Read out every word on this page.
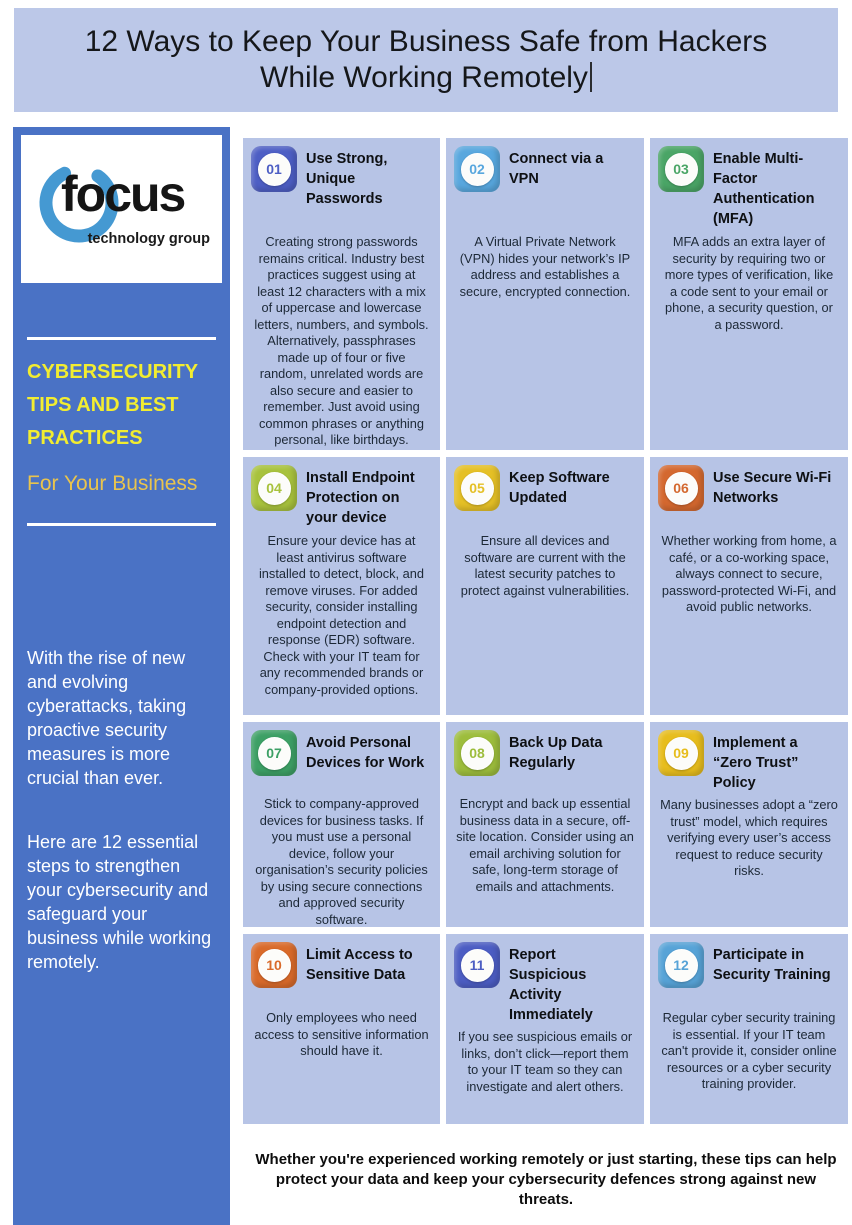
12 Ways to Keep Your Business Safe from Hackers While Working Remotely
focus
technology group
CYBERSECURITY TIPS AND BEST PRACTICES
For Your Business
With the rise of new and evolving cyberattacks, taking proactive security measures is more crucial than ever.
Here are 12 essential steps to strengthen your cybersecurity and safeguard your business while working remotely.
01
Use Strong, Unique Passwords
Creating strong passwords remains critical. Industry best practices suggest using at least 12 characters with a mix of uppercase and lowercase letters, numbers, and symbols. Alternatively, passphrases made up of four or five random, unrelated words are also secure and easier to remember. Just avoid using common phrases or anything personal, like birthdays.
02
Connect via a VPN
A Virtual Private Network (VPN) hides your network’s IP address and establishes a secure, encrypted connection.
03
Enable Multi-Factor Authentication (MFA)
MFA adds an extra layer of security by requiring two or more types of verification, like a code sent to your email or phone, a security question, or a password.
04
Install Endpoint Protection on your device
Ensure your device has at least antivirus software installed to detect, block, and remove viruses. For added security, consider installing endpoint detection and response (EDR) software. Check with your IT team for any recommended brands or company-provided options.
05
Keep Software Updated
Ensure all devices and software are current with the latest security patches to protect against vulnerabilities.
06
Use Secure Wi-Fi Networks
Whether working from home, a café, or a co-working space, always connect to secure, password-protected Wi-Fi, and avoid public networks.
07
Avoid Personal Devices for Work
Stick to company-approved devices for business tasks. If you must use a personal device, follow your organisation’s security policies by using secure connections and approved security software.
08
Back Up Data Regularly
Encrypt and back up essential business data in a secure, off-site location. Consider using an email archiving solution for safe, long-term storage of emails and attachments.
09
Implement a “Zero Trust” Policy
Many businesses adopt a “zero trust” model, which requires verifying every user’s access request to reduce security risks.
10
Limit Access to Sensitive Data
Only employees who need access to sensitive information should have it.
11
Report Suspicious Activity Immediately
If you see suspicious emails or links, don’t click—report them to your IT team so they can investigate and alert others.
12
Participate in Security Training
Regular cyber security training is essential. If your IT team can't provide it, consider online resources or a cyber security training provider.
Whether you're experienced working remotely or just starting, these tips can help protect your data and keep your cybersecurity defences strong against new threats.
